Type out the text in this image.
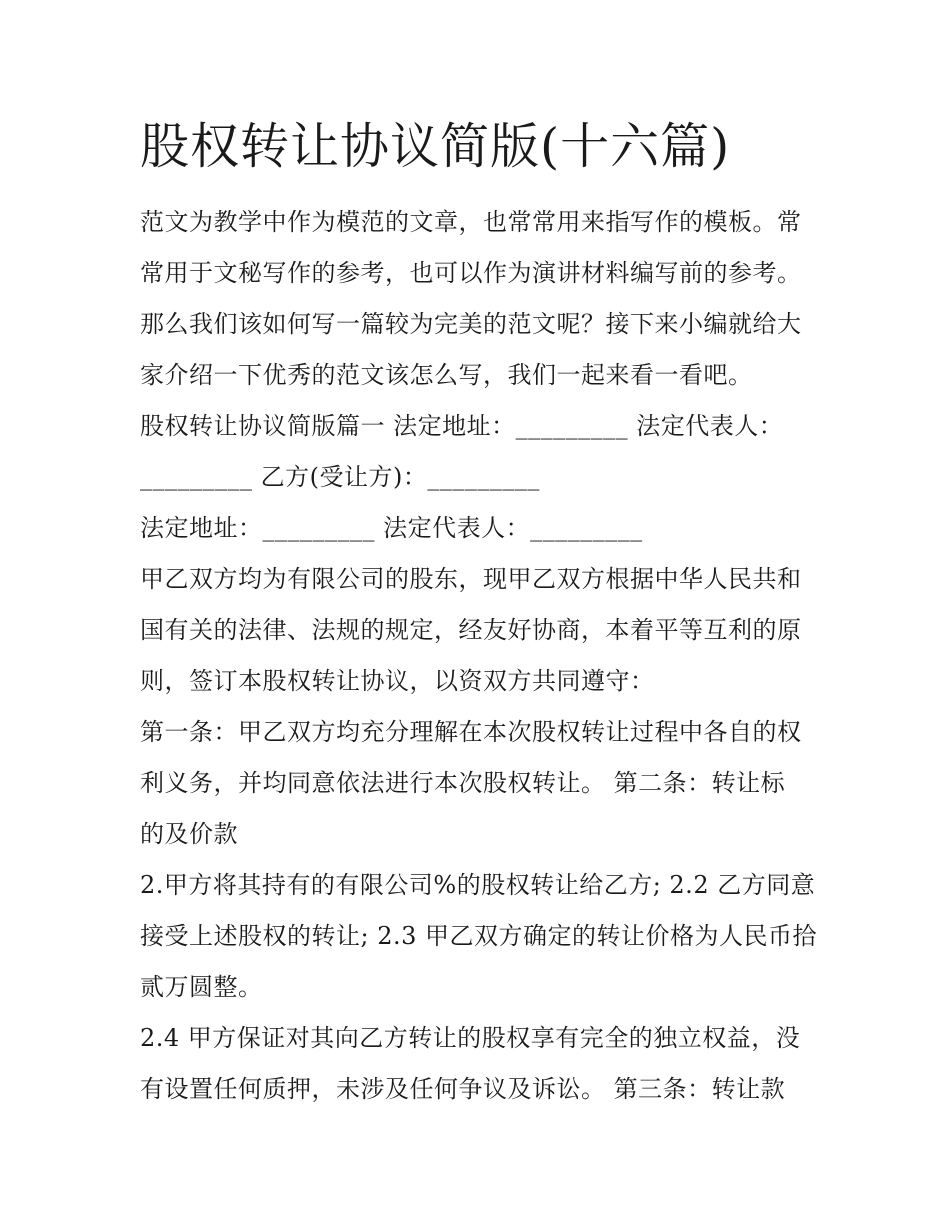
股权转让协议简版(十六篇)
范文为教学中作为模范的文章，也常常用来指写作的模板。常
常用于文秘写作的参考，也可以作为演讲材料编写前的参考。
那么我们该如何写一篇较为完美的范文呢？接下来小编就给大
家介绍一下优秀的范文该怎么写，我们一起来看一看吧。
股权转让协议简版篇一 法定地址：_________ 法定代表人：
_________ 乙方(受让方)：_________
法定地址：_________ 法定代表人：_________
甲乙双方均为有限公司的股东，现甲乙双方根据中华人民共和
国有关的法律、法规的规定，经友好协商，本着平等互利的原
则，签订本股权转让协议，以资双方共同遵守：
第一条：甲乙双方均充分理解在本次股权转让过程中各自的权
利义务，并均同意依法进行本次股权转让。 第二条：转让标
的及价款
2.甲方将其持有的有限公司%的股权转让给乙方; 2.2 乙方同意
接受上述股权的转让; 2.3 甲乙双方确定的转让价格为人民币拾
贰万圆整。
2.4 甲方保证对其向乙方转让的股权享有完全的独立权益，没
有设置任何质押，未涉及任何争议及诉讼。 第三条：转让款
